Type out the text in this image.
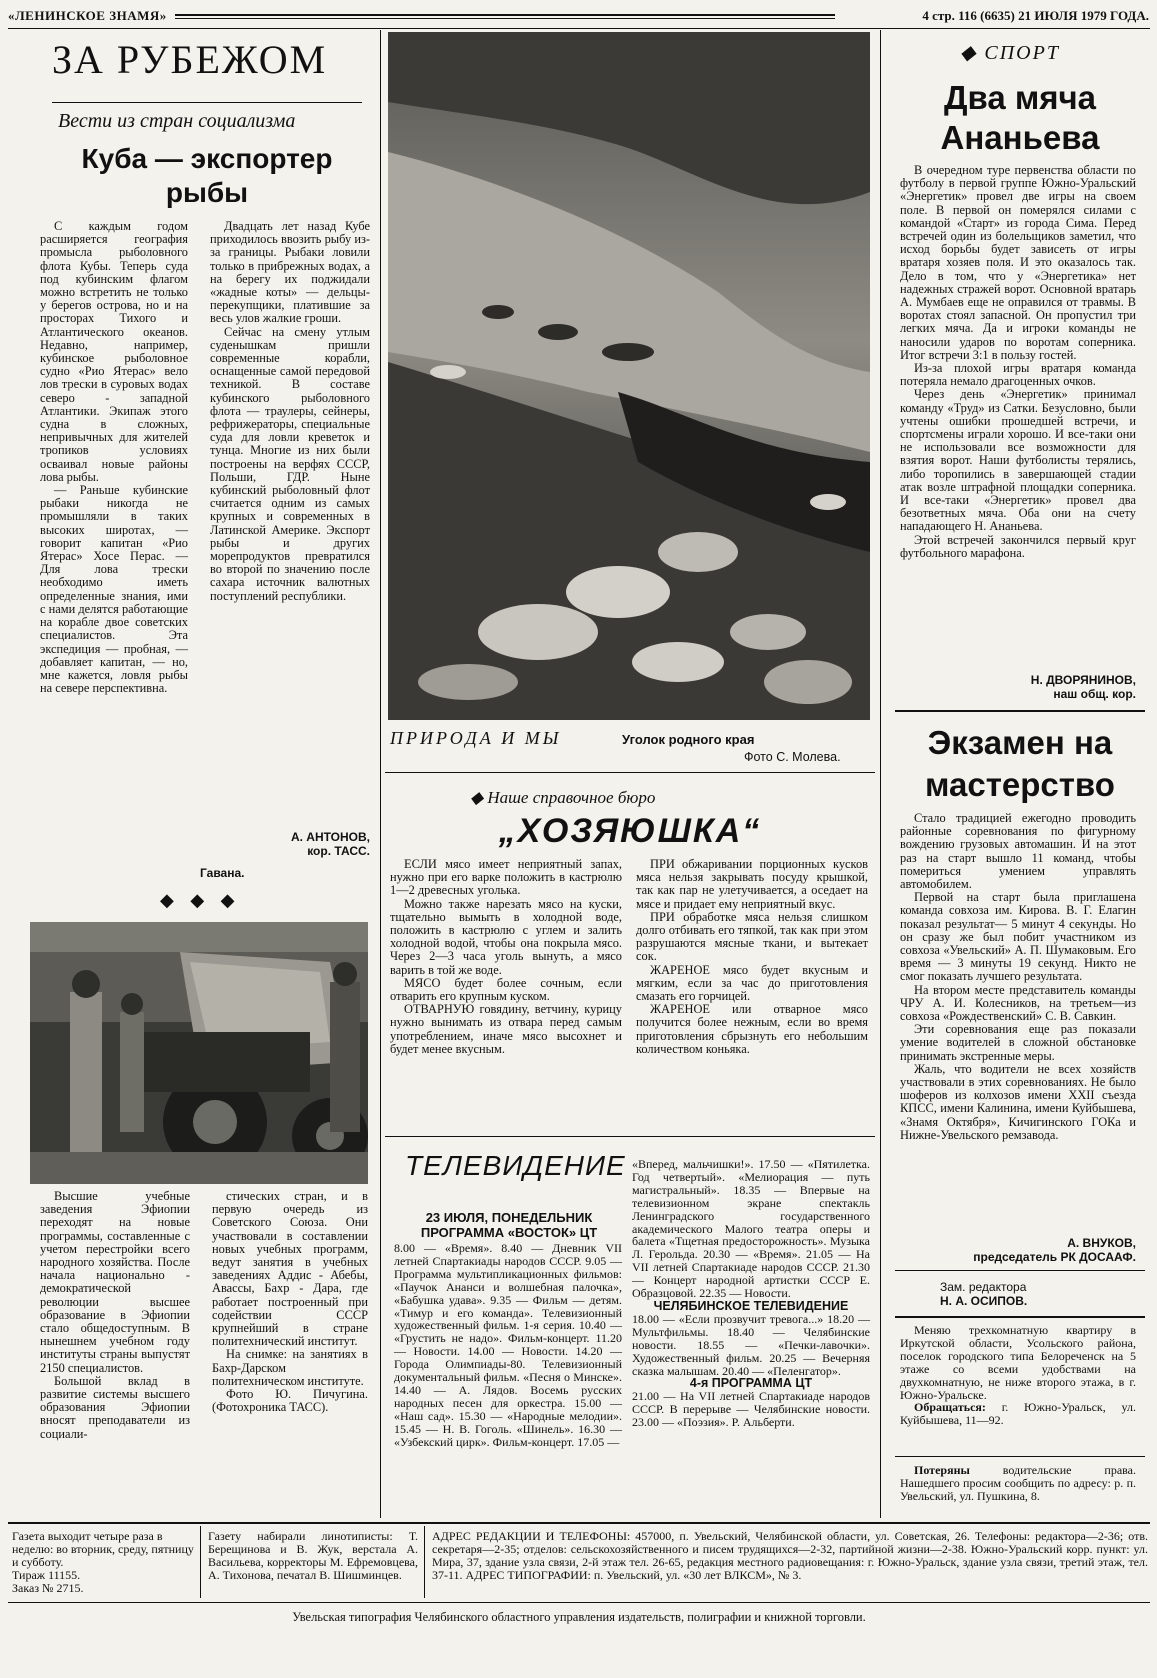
«ЛЕНИНСКОЕ ЗНАМЯ»	4 стр. 116 (6635) 21 ИЮЛЯ 1979 ГОДА.
ЗА РУБЕЖОМ
Вести из стран социализма
Куба — экспортер рыбы

С каждым годом расширяется география промысла рыболовного флота Кубы. Теперь суда под кубинским флагом можно встретить не только у берегов острова, но и на просторах Тихого и Атлантического океанов. Недавно, например, кубинское рыболовное судно «Рио Ятерас» вело лов трески в суровых водах северо - западной Атлантики. Экипаж этого судна в сложных, непривычных для жителей тропиков условиях осваивал новые районы лова рыбы.

— Раньше кубинские рыбаки никогда не промышляли в таких высоких широтах, — говорит капитан «Рио Ятерас» Хосе Перас. — Для лова трески необходимо иметь определенные знания, ими с нами делятся работающие на корабле двое советских специалистов. Эта экспедиция — пробная, — добавляет капитан, — но, мне кажется, ловля рыбы на севере перспективна.

Двадцать лет назад Кубе приходилось ввозить рыбу из-за границы. Рыбаки ловили только в прибрежных водах, а на берегу их поджидали «жадные коты» — дельцы-перекупщики, платившие за весь улов жалкие гроши.

Сейчас на смену утлым суденышкам пришли современные корабли, оснащенные самой передовой техникой. В составе кубинского рыболовного флота — траулеры, сейнеры, рефрижераторы, специальные суда для ловли креветок и тунца. Многие из них были построены на верфях СССР, Польши, ГДР. Ныне кубинский рыболовный флот считается одним из самых крупных и современных в Латинской Америке. Экспорт рыбы и других морепродуктов превратился во второй по значению после сахара источник валютных поступлений республики.

А. АНТОНОВ,
кор. ТАСС.
Гавана.
◆ ◆ ◆

Высшие учебные заведения Эфиопии переходят на новые программы, составленные с учетом перестройки всего народного хозяйства. После начала национально - демократической революции высшее образование в Эфиопии стало общедоступным. В нынешнем учебном году институты страны выпустят 2150 специалистов.

Большой вклад в развитие системы высшего образования Эфиопии вносят преподаватели из социали-

стических стран, и в первую очередь из Советского Союза. Они участвовали в составлении новых учебных программ, ведут занятия в учебных заведениях Аддис - Абебы, Авассы, Бахр - Дара, где работает построенный при содействии СССР крупнейший в стране политехнический институт.

На снимке: на занятиях в Бахр-Дарском политехническом институте.

Фото Ю. Пичугина. (Фотохроника ТАСС).

ПРИРОДА И МЫ	Уголок родного края
Фото С. Молева.
◆ Наше справочное бюро
„ХОЗЯЮШКА“

ЕСЛИ мясо имеет неприятный запах, нужно при его варке положить в кастрюлю 1—2 древесных уголька.

Можно также нарезать мясо на куски, тщательно вымыть в холодной воде, положить в кастрюлю с углем и залить холодной водой, чтобы она покрыла мясо. Через 2—3 часа уголь вынуть, а мясо варить в той же воде.

МЯСО будет более сочным, если отварить его крупным куском.

ОТВАРНУЮ говядину, ветчину, курицу нужно вынимать из отвара перед самым употреблением, иначе мясо высохнет и будет менее вкусным.

ПРИ обжаривании порционных кусков мяса нельзя закрывать посуду крышкой, так как пар не улетучивается, а оседает на мясе и придает ему неприятный вкус.

ПРИ обработке мяса нельзя слишком долго отбивать его тяпкой, так как при этом разрушаются мясные ткани, и вытекает сок.

ЖАРЕНОЕ мясо будет вкусным и мягким, если за час до приготовления смазать его горчицей.

ЖАРЕНОЕ или отварное мясо получится более нежным, если во время приготовления сбрызнуть его небольшим количеством коньяка.

ТЕЛЕВИДЕНИЕ
23 ИЮЛЯ, ПОНЕДЕЛЬНИК
ПРОГРАММА «ВОСТОК» ЦТ

8.00 — «Время». 8.40 — Дневник VII летней Спартакиады народов СССР. 9.05 — Программа мультипликационных фильмов: «Паучок Ананси и волшебная палочка», «Бабушка удава». 9.35 — Фильм — детям. «Тимур и его команда». Телевизионный художественный фильм. 1-я серия. 10.40 — «Грустить не надо». Фильм-концерт. 11.20 — Новости. 14.00 — Новости. 14.20 — Города Олимпиады-80. Телевизионный документальный фильм. «Песня о Минске». 14.40 — А. Лядов. Восемь русских народных песен для оркестра. 15.00 — «Наш сад». 15.30 — «Народные мелодии». 15.45 — Н. В. Гоголь. «Шинель». 16.30 — «Узбекский цирк». Фильм-концерт. 17.05 —

«Вперед, мальчишки!». 17.50 — «Пятилетка. Год четвертый». «Мелиорация — путь магистральный». 18.35 — Впервые на телевизионном экране спектакль Ленинградского государственного академического Малого театра оперы и балета «Тщетная предосторожность». Музыка Л. Герольда. 20.30 — «Время». 21.05 — На VII летней Спартакиаде народов СССР. 21.30 — Концерт народной артистки СССР Е. Образцовой. 22.35 — Новости.

ЧЕЛЯБИНСКОЕ ТЕЛЕВИДЕНИЕ

18.00 — «Если прозвучит тревога...» 18.20 — Мультфильмы. 18.40 — Челябинские новости. 18.55 — «Печки-лавочки». Художественный фильм. 20.25 — Вечерняя сказка малышам. 20.40 — «Пеленгатор».

4-я ПРОГРАММА ЦТ

21.00 — На VII летней Спартакиаде народов СССР. В перерыве — Челябинские новости. 23.00 — «Поэзия». Р. Альберти.

◆ СПОРТ
Два мяча Ананьева

В очередном туре первенства области по футболу в первой группе Южно-Уральский «Энергетик» провел две игры на своем поле. В первой он померялся силами с командой «Старт» из города Сима. Перед встречей один из болельщиков заметил, что исход борьбы будет зависеть от игры вратаря хозяев поля. И это оказалось так. Дело в том, что у «Энергетика» нет надежных стражей ворот. Основной вратарь А. Мумбаев еще не оправился от травмы. В воротах стоял запасной. Он пропустил три легких мяча. Да и игроки команды не наносили ударов по воротам соперника. Итог встречи 3:1 в пользу гостей.

Из-за плохой игры вратаря команда потеряла немало драгоценных очков.

Через день «Энергетик» принимал команду «Труд» из Сатки. Безусловно, были учтены ошибки прошедшей встречи, и спортсмены играли хорошо. И все-таки они не использовали все возможности для взятия ворот. Наши футболисты терялись, либо торопились в завершающей стадии атак возле штрафной площадки соперника. И все-таки «Энергетик» провел два безответных мяча. Оба они на счету нападающего Н. Ананьева.

Этой встречей закончился первый круг футбольного марафона.

Н. ДВОРЯНИНОВ,
наш общ. кор.
Экзамен на мастерство

Стало традицией ежегодно проводить районные соревнования по фигурному вождению грузовых автомашин. И на этот раз на старт вышло 11 команд, чтобы помериться умением управлять автомобилем.

Первой на старт была приглашена команда совхоза им. Кирова. В. Г. Елагин показал результат— 5 минут 4 секунды. Но он сразу же был побит участником из совхоза «Увельский» А. П. Шумаковым. Его время — 3 минуты 19 секунд. Никто не смог показать лучшего результата.

На втором месте представитель команды ЧРУ А. И. Колесников, на третьем—из совхоза «Рождественский» С. В. Савкин.

Эти соревнования еще раз показали умение водителей в сложной обстановке принимать экстренные меры.

Жаль, что водители не всех хозяйств участвовали в этих соревнованиях. Не было шоферов из колхозов имени XXII съезда КПСС, имени Калинина, имени Куйбышева, «Знамя Октября», Кичигинского ГОКа и Нижне-Увельского ремзавода.

А. ВНУКОВ,
председатель РК ДОСААФ.
Зам. редактора
Н. А. ОСИПОВ.

Меняю трехкомнатную квартиру в Иркутской области, Усольского района, поселок городского типа Белореченск на 5 этаже со всеми удобствами на двухкомнатную, не ниже второго этажа, в г. Южно-Уральске.

Обращаться: г. Южно-Уральск, ул. Куйбышева, 11—92.

Потеряны	водительские права. Нашедшего просим сообщить по адресу: р. п. Увельский, ул. Пушкина, 8.

Газета выходит четыре раза в неделю: во вторник, среду, пятницу и субботу.
Тираж 11155.
Заказ № 2715.
Газету набирали линотиписты: Т. Берещинова и В. Жук, верстала А. Васильева, корректоры М. Ефремовцева, А. Тихонова, печатал В. Шишминцев.
АДРЕС РЕДАКЦИИ И ТЕЛЕФОНЫ: 457000, п. Увельский, Челябинской области, ул. Советская, 26. Телефоны: редактора—2-36; отв. секретаря—2-35; отделов: сельскохозяйственного и писем трудящихся—2-32, партийной жизни—2-38. Южно-Уральский корр. пункт: ул. Мира, 37, здание узла связи, 2-й этаж тел. 26-65, редакция местного радиовещания: г. Южно-Уральск, здание узла связи, третий этаж, тел. 37-11. АДРЕС ТИПОГРАФИИ: п. Увельский, ул. «30 лет ВЛКСМ», № 3.
Увельская типография Челябинского областного управления издательств, полиграфии и книжной торговли.
